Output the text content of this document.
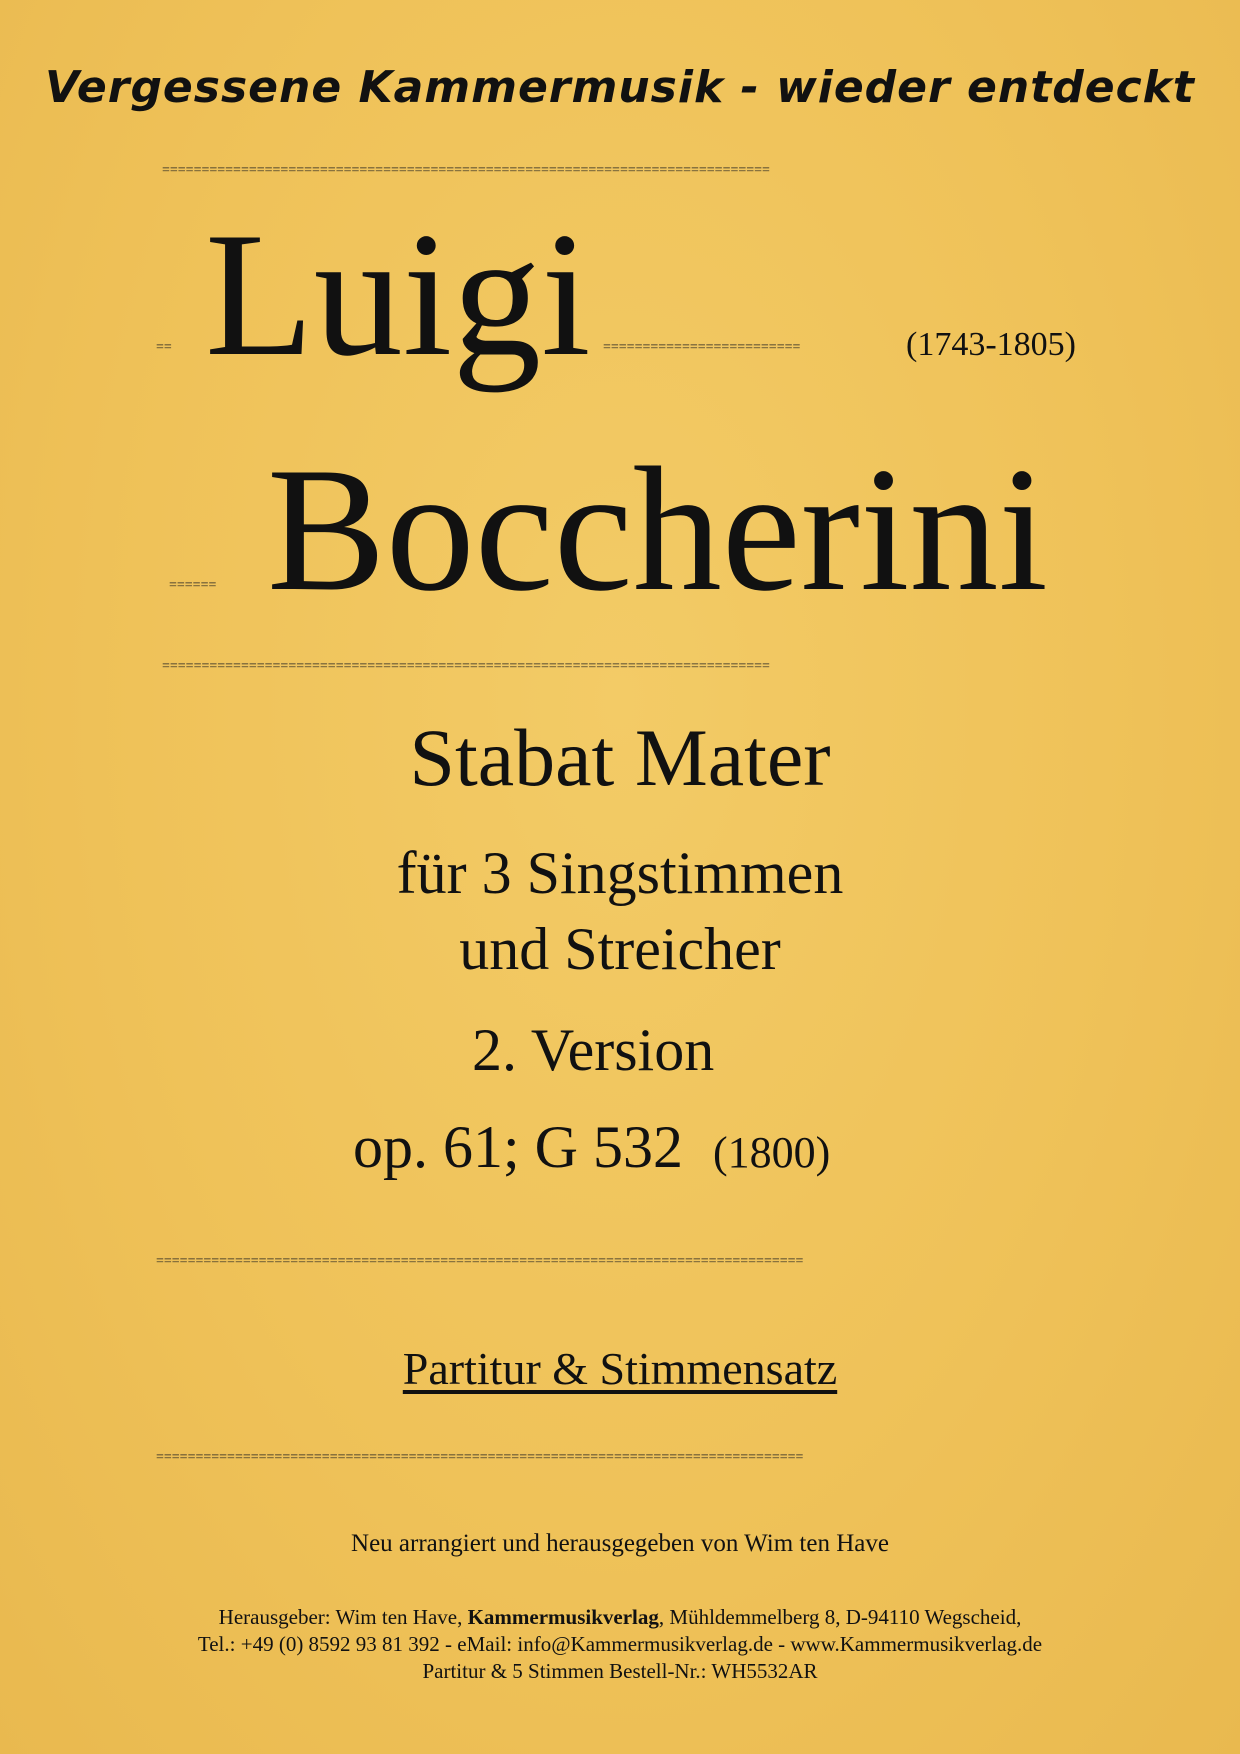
Vergessene Kammermusik - wieder entdeckt
=============================================================================
== Luigi =========================	(1743-1805)
====== Boccherini
=============================================================================
Stabat Mater
für 3 Singstimmen
und Streicher
2. Version
op. 61; G 532 (1800)
==================================================================================
Partitur & Stimmensatz
==================================================================================
Neu arrangiert und herausgegeben von Wim ten Have
Herausgeber: Wim ten Have, Kammermusikverlag, Mühldemmelberg 8, D-94110 Wegscheid,
Tel.: +49 (0) 8592 93 81 392 - eMail: info@Kammermusikverlag.de - www.Kammermusikverlag.de
Partitur & 5 Stimmen Bestell-Nr.: WH5532AR
